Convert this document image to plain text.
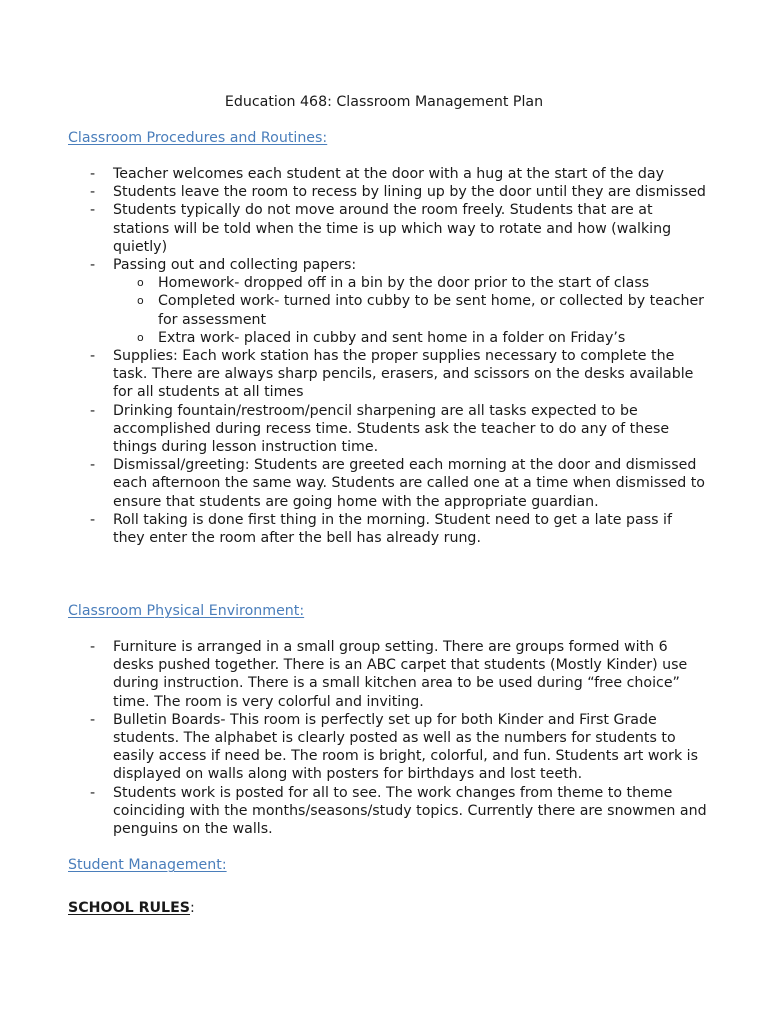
Education 468: Classroom Management Plan
Classroom Procedures and Routines:
- Teacher welcomes each student at the door with a hug at the start of the day
- Students leave the room to recess by lining up by the door until they are dismissed
- Students typically do not move around the room freely. Students that are at stations will be told when the time is up which way to rotate and how (walking quietly)
- Passing out and collecting papers:
o Homework- dropped off in a bin by the door prior to the start of class
o Completed work- turned into cubby to be sent home, or collected by teacher for assessment
o Extra work- placed in cubby and sent home in a folder on Friday’s
- Supplies: Each work station has the proper supplies necessary to complete the task. There are always sharp pencils, erasers, and scissors on the desks available for all students at all times
- Drinking fountain/restroom/pencil sharpening are all tasks expected to be accomplished during recess time. Students ask the teacher to do any of these things during lesson instruction time.
- Dismissal/greeting: Students are greeted each morning at the door and dismissed each afternoon the same way. Students are called one at a time when dismissed to ensure that students are going home with the appropriate guardian.
- Roll taking is done first thing in the morning. Student need to get a late pass if they enter the room after the bell has already rung.
Classroom Physical Environment:
- Furniture is arranged in a small group setting. There are groups formed with 6 desks pushed together. There is an ABC carpet that students (Mostly Kinder) use during instruction. There is a small kitchen area to be used during “free choice” time. The room is very colorful and inviting.
- Bulletin Boards- This room is perfectly set up for both Kinder and First Grade students. The alphabet is clearly posted as well as the numbers for students to easily access if need be. The room is bright, colorful, and fun. Students art work is displayed on walls along with posters for birthdays and lost teeth.
- Students work is posted for all to see. The work changes from theme to theme coinciding with the months/seasons/study topics. Currently there are snowmen and penguins on the walls.
Student Management:
SCHOOL RULES:
